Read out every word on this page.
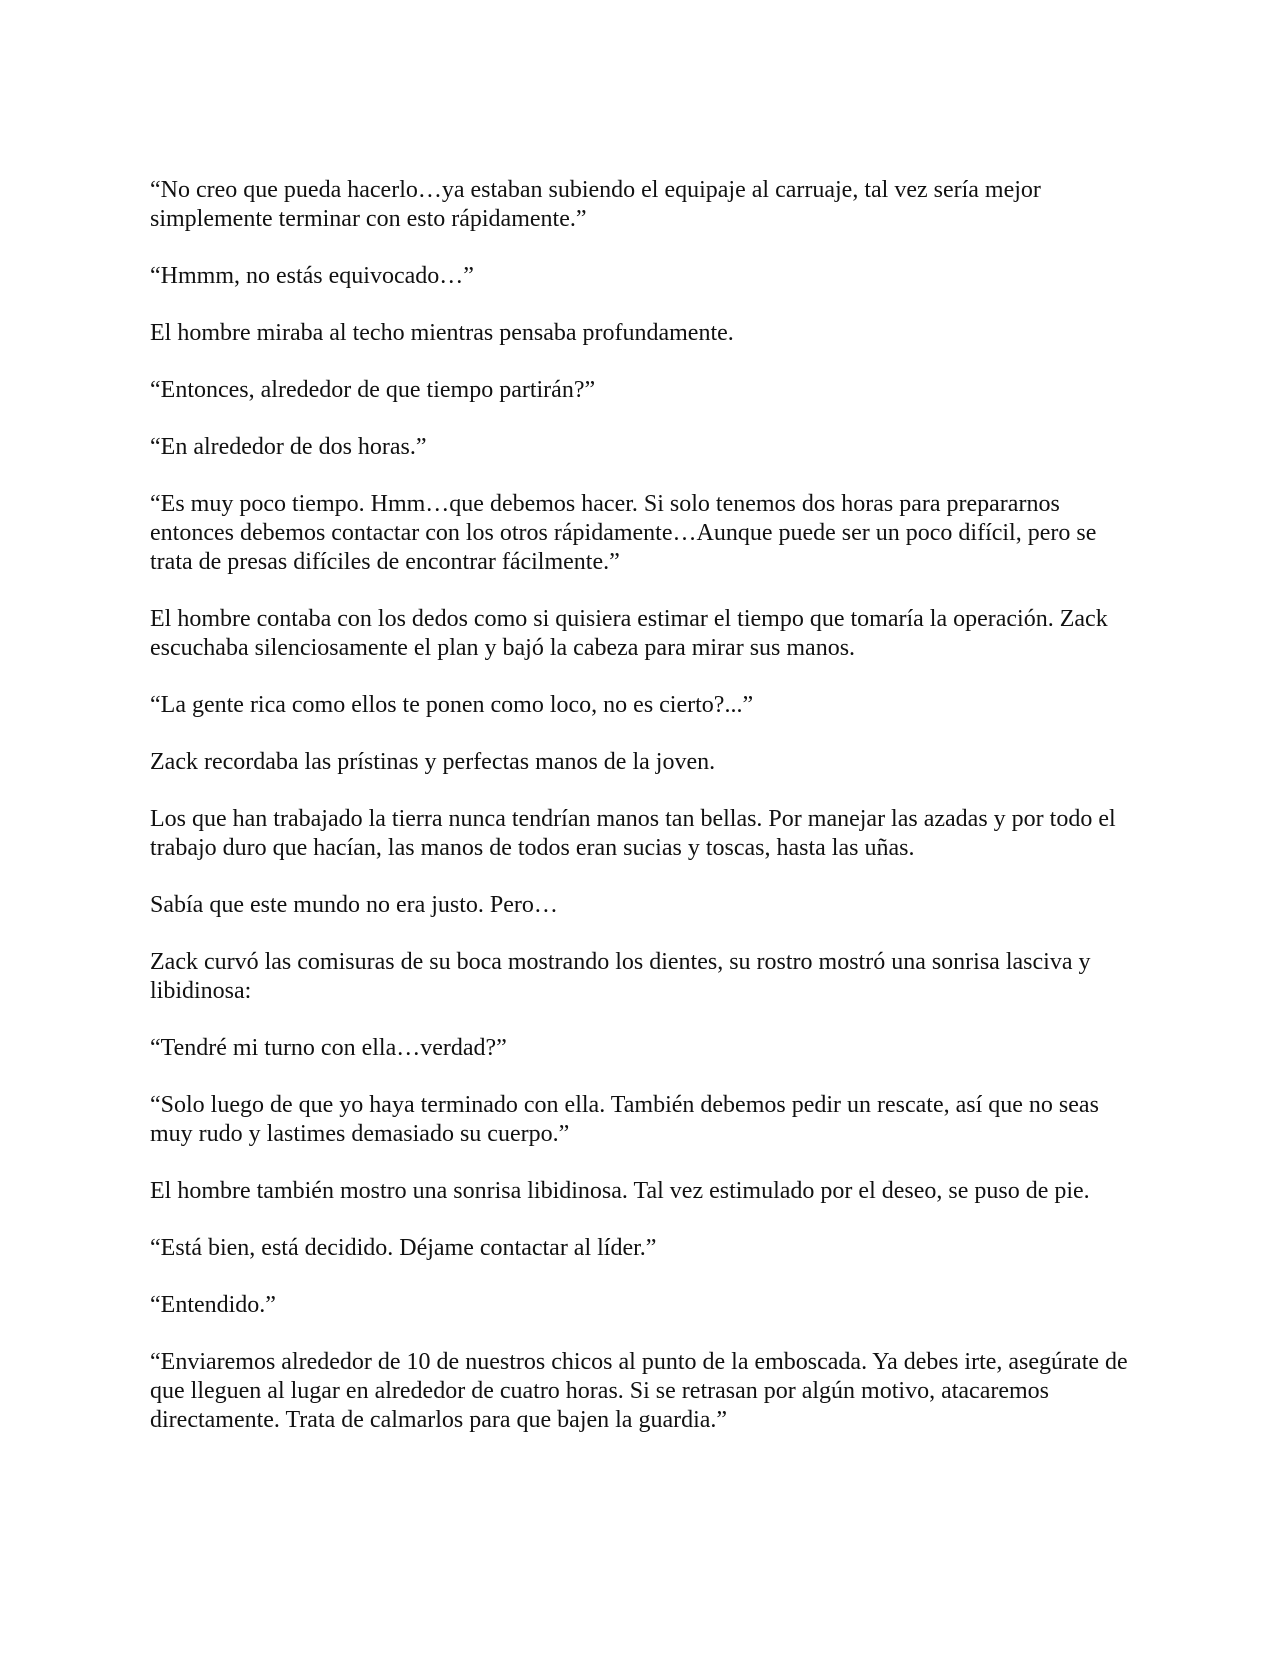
“No creo que pueda hacerlo…ya estaban subiendo el equipaje al carruaje, tal vez sería mejor simplemente terminar con esto rápidamente.”

“Hmmm, no estás equivocado…”

El hombre miraba al techo mientras pensaba profundamente.

“Entonces, alrededor de que tiempo partirán?”

“En alrededor de dos horas.”

“Es muy poco tiempo. Hmm…que debemos hacer. Si solo tenemos dos horas para prepararnos entonces debemos contactar con los otros rápidamente…Aunque puede ser un poco difícil, pero se trata de presas difíciles de encontrar fácilmente.”

El hombre contaba con los dedos como si quisiera estimar el tiempo que tomaría la operación. Zack escuchaba silenciosamente el plan y bajó la cabeza para mirar sus manos.

“La gente rica como ellos te ponen como loco, no es cierto?...”

Zack recordaba las prístinas y perfectas manos de la joven.

Los que han trabajado la tierra nunca tendrían manos tan bellas. Por manejar las azadas y por todo el trabajo duro que hacían, las manos de todos eran sucias y toscas, hasta las uñas.

Sabía que este mundo no era justo. Pero…

Zack curvó las comisuras de su boca mostrando los dientes, su rostro mostró una sonrisa lasciva y libidinosa:

“Tendré mi turno con ella…verdad?”

“Solo luego de que yo haya terminado con ella. También debemos pedir un rescate, así que no seas muy rudo y lastimes demasiado su cuerpo.”

El hombre también mostro una sonrisa libidinosa. Tal vez estimulado por el deseo, se puso de pie.

“Está bien, está decidido. Déjame contactar al líder.”

“Entendido.”

“Enviaremos alrededor de 10 de nuestros chicos al punto de la emboscada. Ya debes irte, asegúrate de que lleguen al lugar en alrededor de cuatro horas. Si se retrasan por algún motivo, atacaremos directamente. Trata de calmarlos para que bajen la guardia.”
